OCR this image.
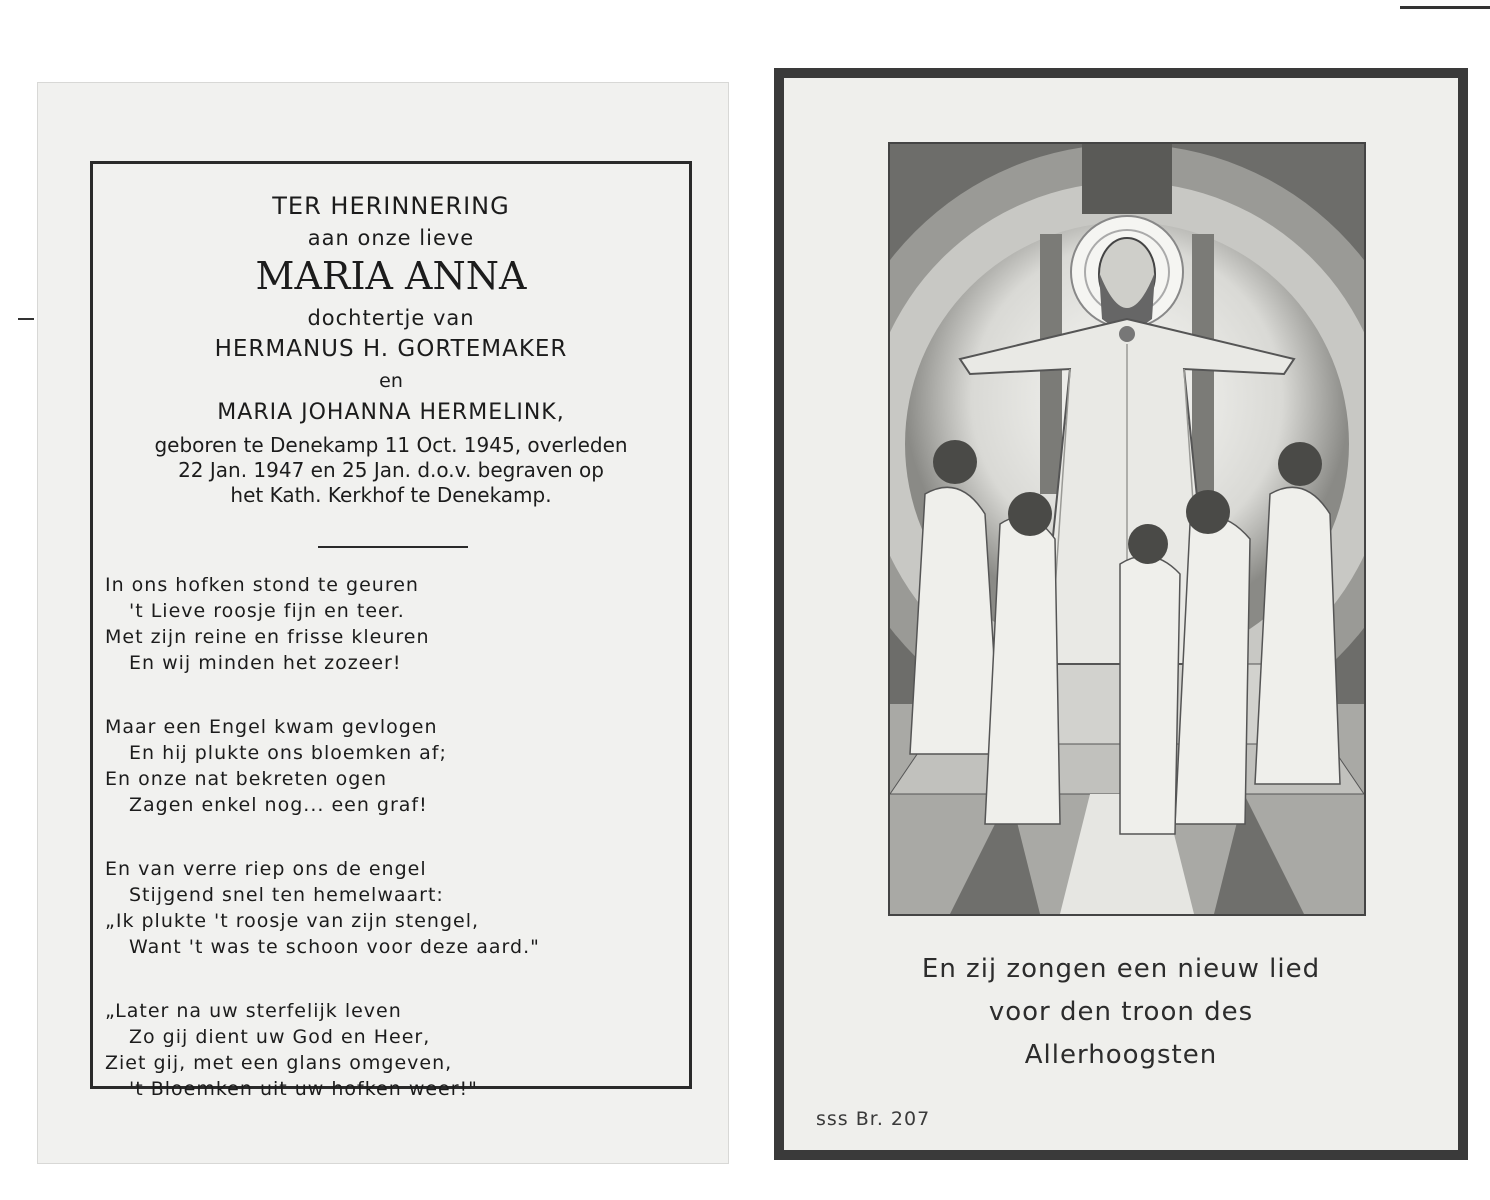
TER HERINNERING
aan onze lieve
MARIA ANNA
dochtertje van
HERMANUS H. GORTEMAKER
en
MARIA JOHANNA HERMELINK,
geboren te Denekamp 11 Oct. 1945, overleden
22 Jan. 1947 en 25 Jan. d.o.v. begraven op
het Kath. Kerkhof te Denekamp.
In ons hofken stond te geuren
't Lieve roosje fijn en teer.
Met zijn reine en frisse kleuren
En wij minden het zozeer!
Maar een Engel kwam gevlogen
En hij plukte ons bloemken af;
En onze nat bekreten ogen
Zagen enkel nog... een graf!
En van verre riep ons de engel
Stijgend snel ten hemelwaart:
„Ik plukte 't roosje van zijn stengel,
Want 't was te schoon voor deze aard."
„Later na uw sterfelijk leven
Zo gij dient uw God en Heer,
Ziet gij, met een glans omgeven,
't Bloemken uit uw hofken weer!"
En zij zongen een nieuw lied
voor den troon des
Allerhoogsten
sss Br. 207
